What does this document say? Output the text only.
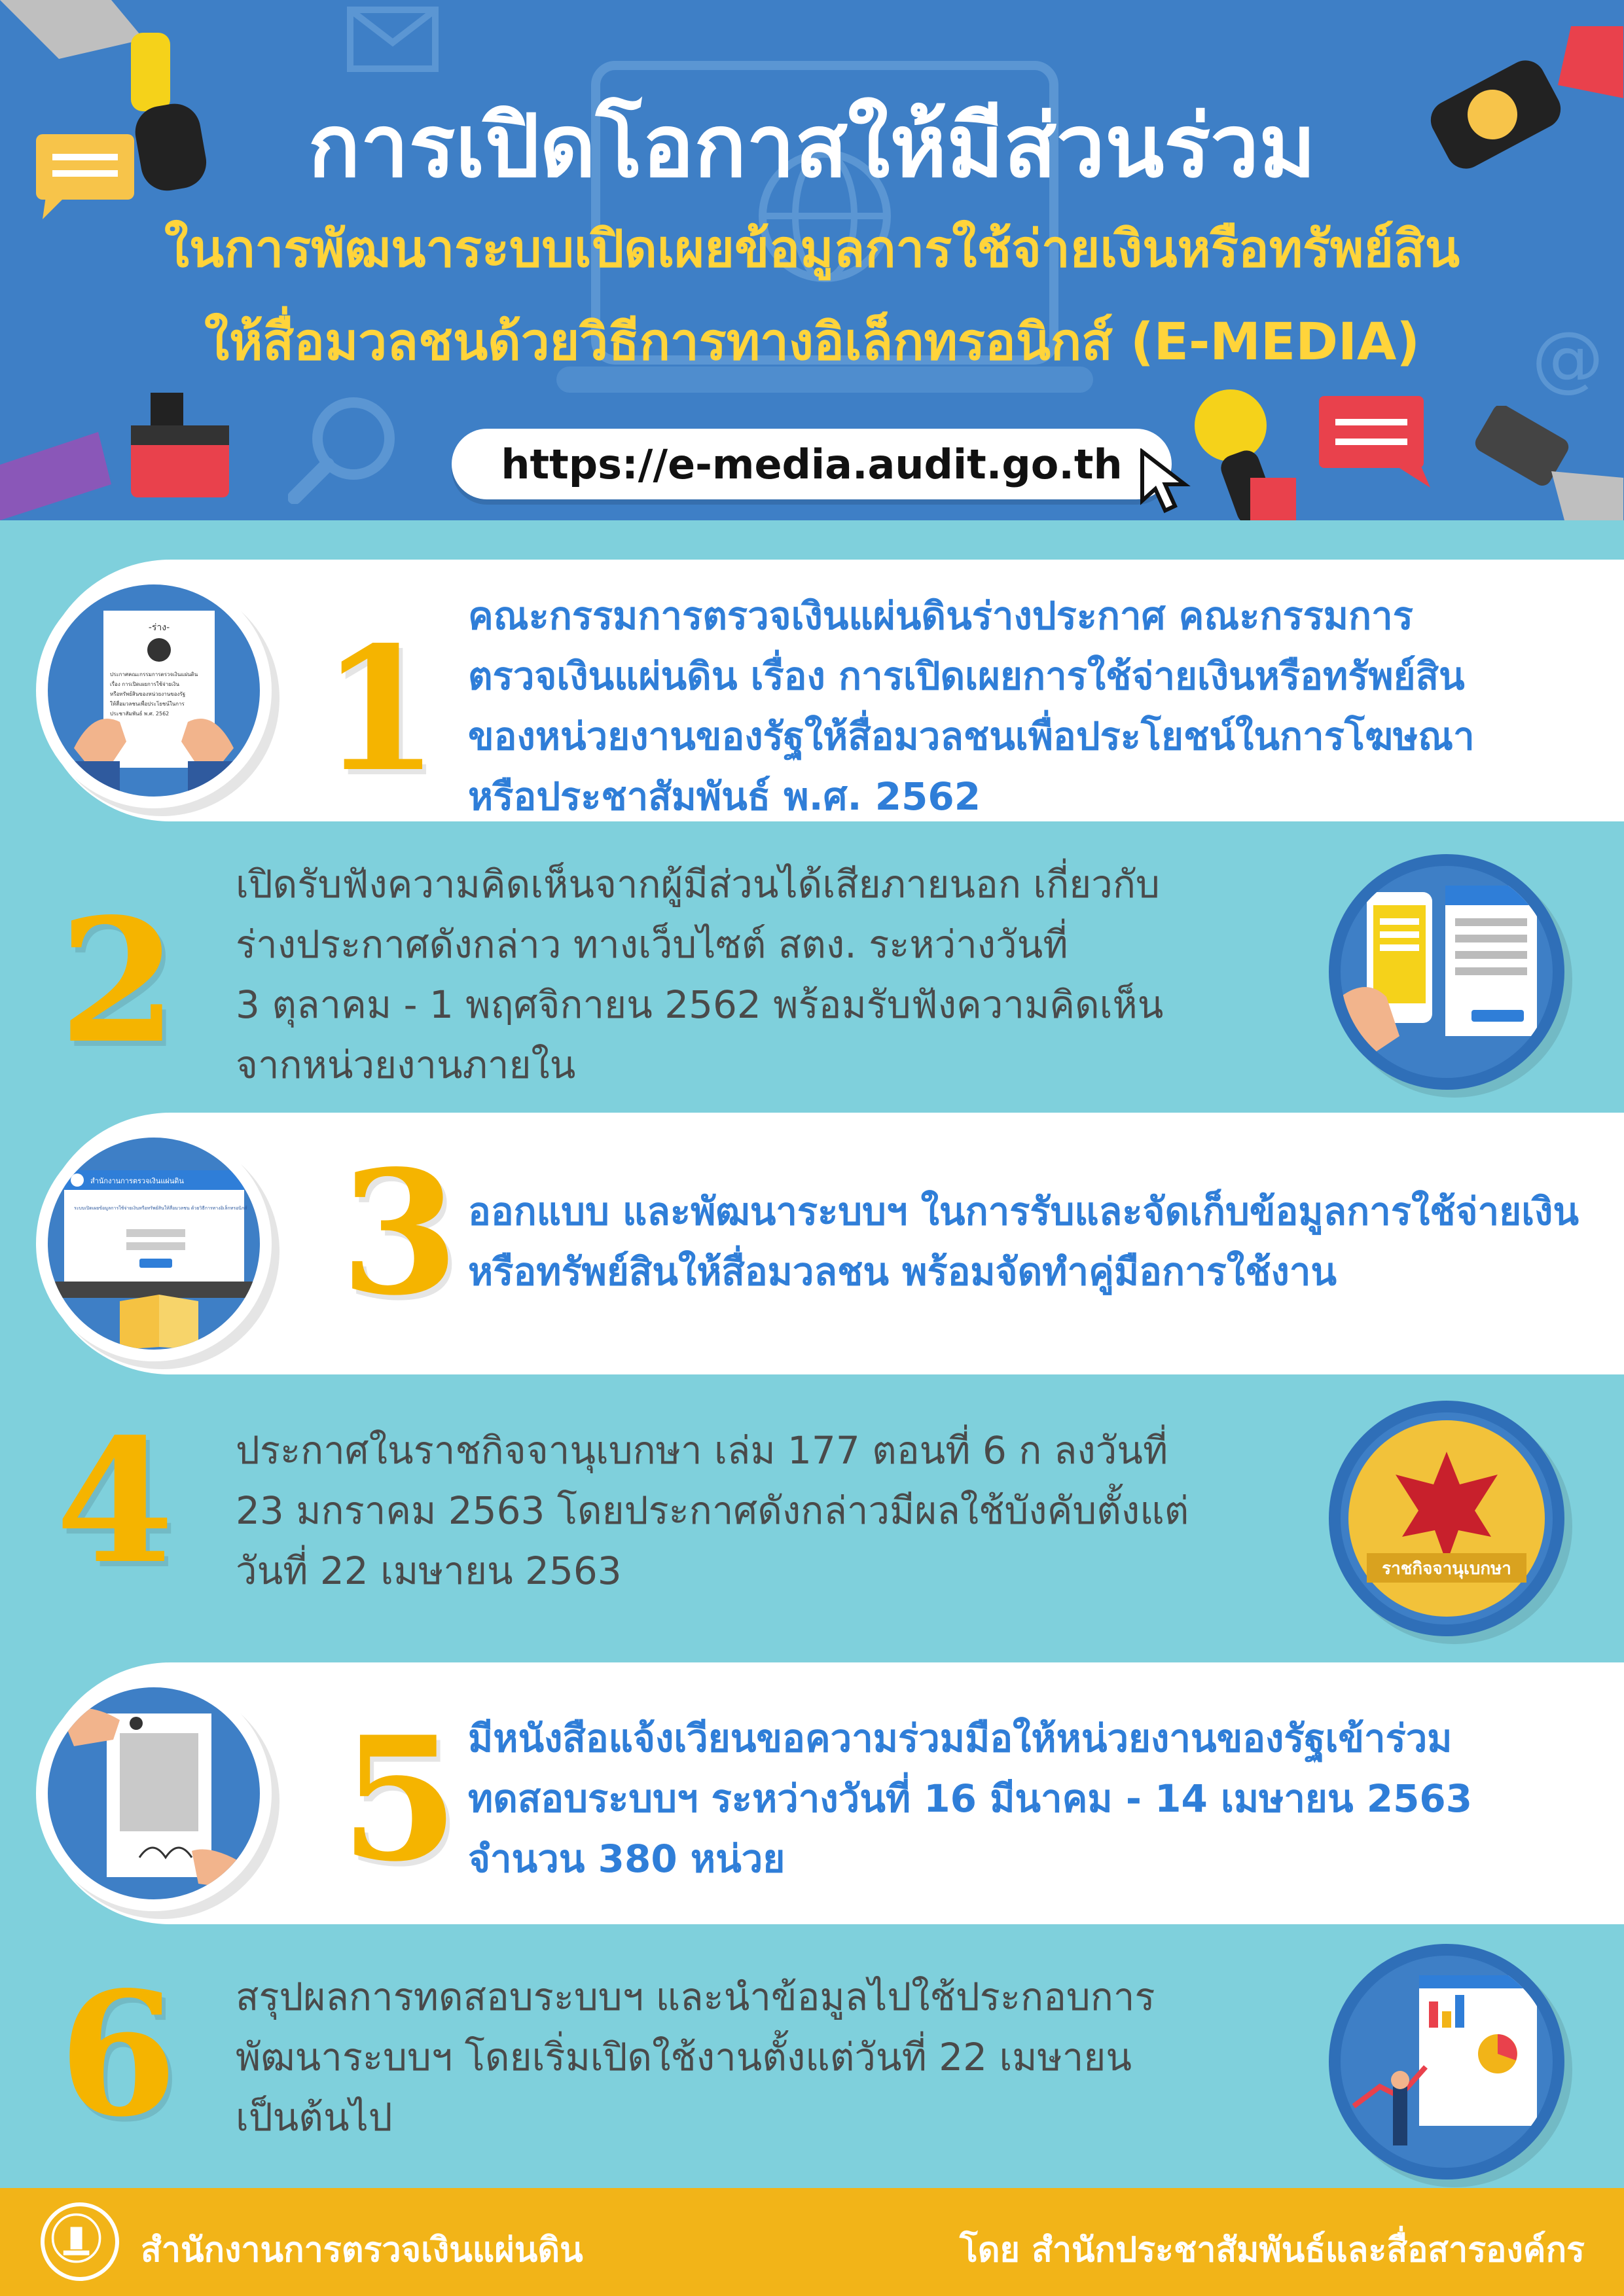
@
การเปิดโอกาสให้มีส่วนร่วม
ในการพัฒนาระบบเปิดเผยข้อมูลการใช้จ่ายเงินหรือทรัพย์สิน
ให้สื่อมวลชนด้วยวิธีการทางอิเล็กทรอนิกส์ (E-MEDIA)
https://e-media.audit.go.th
-ร่าง-
ประกาศคณะกรรมการตรวจเงินแผ่นดิน
เรื่อง การเปิดเผยการใช้จ่ายเงิน
หรือทรัพย์สินของหน่วยงานของรัฐ
ให้สื่อมวลชนเพื่อประโยชน์ในการ
ประชาสัมพันธ์ พ.ศ. 2562 1 คณะกรรมการตรวจเงินแผ่นดินร่างประกาศ คณะกรรมการ
ตรวจเงินแผ่นดิน เรื่อง การเปิดเผยการใช้จ่ายเงินหรือทรัพย์สิน
ของหน่วยงานของรัฐให้สื่อมวลชนเพื่อประโยชน์ในการโฆษณา
หรือประชาสัมพันธ์ พ.ศ. 2562
2 เปิดรับฟังความคิดเห็นจากผู้มีส่วนได้เสียภายนอก เกี่ยวกับ
ร่างประกาศดังกล่าว ทางเว็บไซต์ สตง. ระหว่างวันที่
3 ตุลาคม - 1 พฤศจิกายน 2562 พร้อมรับฟังความคิดเห็น
จากหน่วยงานภายใน
สำนักงานการตรวจเงินแผ่นดิน
ระบบเปิดเผยข้อมูลการใช้จ่ายเงินหรือทรัพย์สินให้สื่อมวลชน ด้วยวิธีการทางอิเล็กทรอนิกส์ 3 ออกแบบ และพัฒนาระบบฯ ในการรับและจัดเก็บข้อมูลการใช้จ่ายเงิน
หรือทรัพย์สินให้สื่อมวลชน พร้อมจัดทำคู่มือการใช้งาน
4 ประกาศในราชกิจจานุเบกษา เล่ม 177 ตอนที่ 6 ก ลงวันที่
23 มกราคม 2563 โดยประกาศดังกล่าวมีผลใช้บังคับตั้งแต่
วันที่ 22 เมษายน 2563	ราชกิจจานุเบกษา
5 มีหนังสือแจ้งเวียนขอความร่วมมือให้หน่วยงานของรัฐเข้าร่วม
ทดสอบระบบฯ ระหว่างวันที่ 16 มีนาคม - 14 เมษายน 2563
จำนวน 380 หน่วย
6 สรุปผลการทดสอบระบบฯ และนำข้อมูลไปใช้ประกอบการ
พัฒนาระบบฯ โดยเริ่มเปิดใช้งานตั้งแต่วันที่ 22 เมษายน
เป็นต้นไป
สำนักงานการตรวจเงินแผ่นดิน	โดย สำนักประชาสัมพันธ์และสื่อสารองค์กร
